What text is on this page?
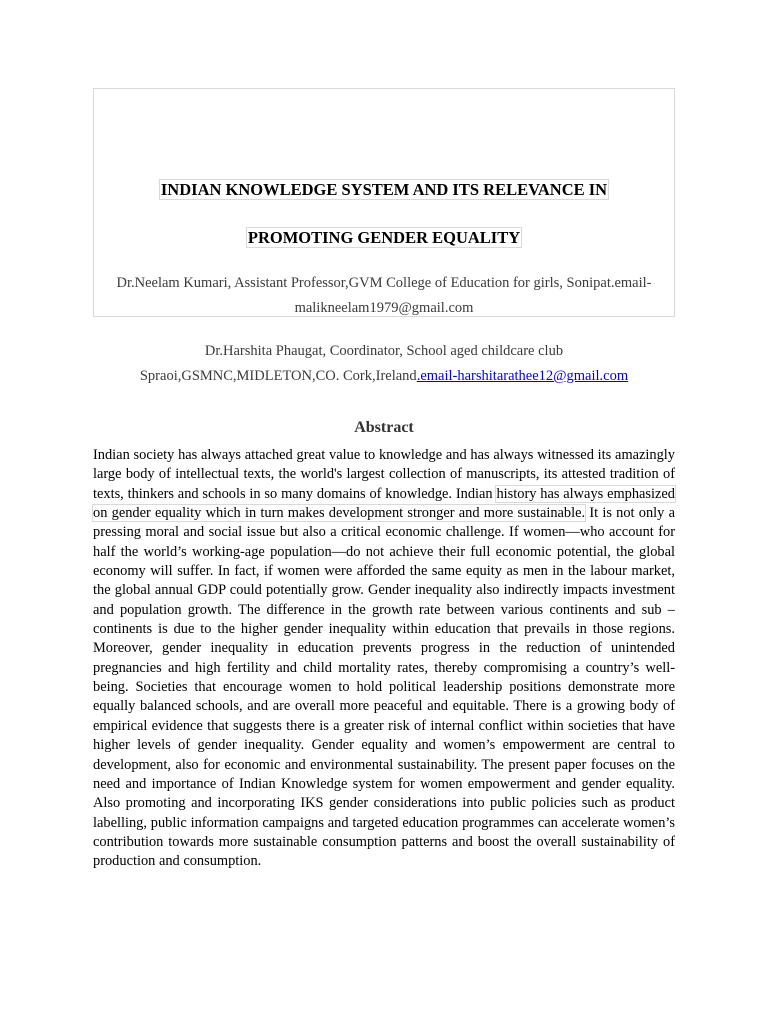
INDIAN KNOWLEDGE SYSTEM AND ITS RELEVANCE IN
PROMOTING GENDER EQUALITY
Dr.Neelam Kumari, Assistant Professor,GVM College of Education for girls, Sonipat.email-
malikneelam1979@gmail.com
Dr.Harshita Phaugat, Coordinator, School aged childcare club
Spraoi,GSMNC,MIDLETON,CO. Cork,Ireland.email-harshitarathee12@gmail.com
Abstract
Indian society has always attached great value to knowledge and has always witnessed its amazingly large body of intellectual texts, the world's largest collection of manuscripts, its attested tradition of texts, thinkers and schools in so many domains of knowledge. Indian history has always emphasized on gender equality which in turn makes development stronger and more sustainable. It is not only a pressing moral and social issue but also a critical economic challenge. If women—who account for half the world’s working-age population—do not achieve their full economic potential, the global economy will suffer. In fact, if women were afforded the same equity as men in the labour market, the global annual GDP could potentially grow. Gender inequality also indirectly impacts investment and population growth. The difference in the growth rate between various continents and sub –continents is due to the higher gender inequality within education that prevails in those regions. Moreover, gender inequality in education prevents progress in the reduction of unintended pregnancies and high fertility and child mortality rates, thereby compromising a country’s well-being. Societies that encourage women to hold political leadership positions demonstrate more equally balanced schools, and are overall more peaceful and equitable. There is a growing body of empirical evidence that suggests there is a greater risk of internal conflict within societies that have higher levels of gender inequality. Gender equality and women’s empowerment are central to development, also for economic and environmental sustainability. The present paper focuses on the need and importance of Indian Knowledge system for women empowerment and gender equality. Also promoting and incorporating IKS gender considerations into public policies such as product labelling, public information campaigns and targeted education programmes can accelerate women’s contribution towards more sustainable consumption patterns and boost the overall sustainability of production and consumption.
